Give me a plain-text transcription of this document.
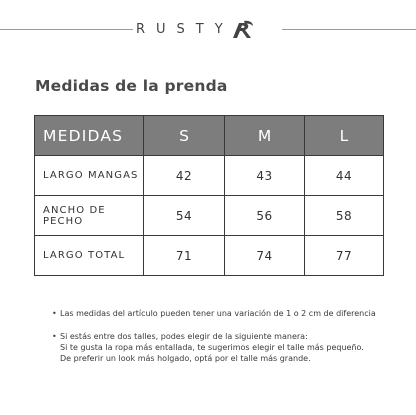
RUSTY
Medidas de la prenda
MEDIDAS	S	M	L
LARGO MANGAS	42	43	44
ANCHO DE PECHO	54	56	58
LARGO TOTAL	71	74	77
• Las medidas del artículo pueden tener una variación de 1 o 2 cm de diferencia
• Si estás entre dos talles, podes elegir de la siguiente manera:
Si te gusta la ropa más entallada, te sugerimos elegir el talle más pequeño.
De preferir un look más holgado, optá por el talle más grande.
